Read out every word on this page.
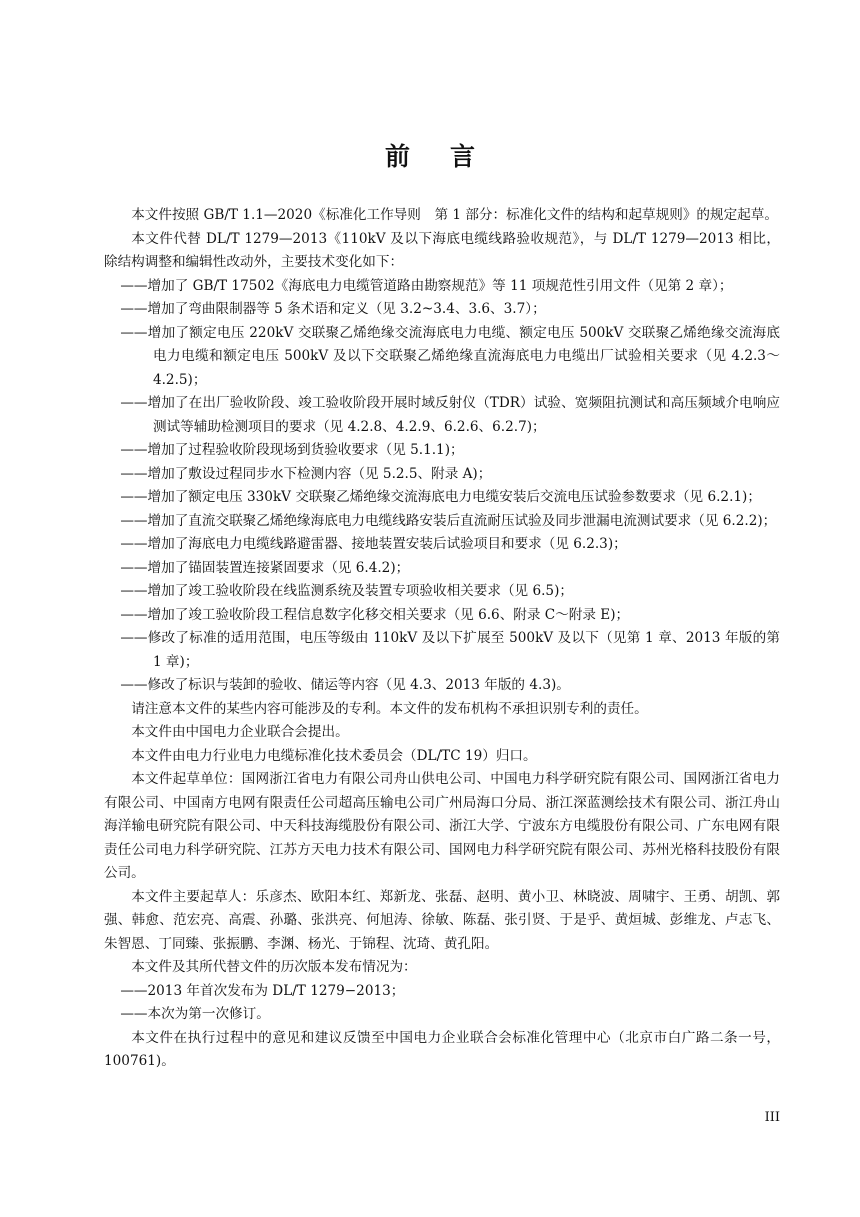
前 言

本文件按照 GB/T 1.1—2020《标准化工作导则　第 1 部分：标准化文件的结构和起草规则》的规定起草。

本文件代替 DL/T 1279—2013《110kV 及以下海底电缆线路验收规范》，与 DL/T 1279—2013 相比，除结构调整和编辑性改动外，主要技术变化如下：

——增加了 GB/T 17502《海底电力电缆管道路由勘察规范》等 11 项规范性引用文件（见第 2 章）；

——增加了弯曲限制器等 5 条术语和定义（见 3.2~3.4、3.6、3.7）；

——增加了额定电压 220kV 交联聚乙烯绝缘交流海底电力电缆、额定电压 500kV 交联聚乙烯绝缘交流海底电力电缆和额定电压 500kV 及以下交联聚乙烯绝缘直流海底电力电缆出厂试验相关要求（见 4.2.3～4.2.5)；

——增加了在出厂验收阶段、竣工验收阶段开展时域反射仪（TDR）试验、宽频阻抗测试和高压频域介电响应测试等辅助检测项目的要求（见 4.2.8、4.2.9、6.2.6、6.2.7)；

——增加了过程验收阶段现场到货验收要求（见 5.1.1)；

——增加了敷设过程同步水下检测内容（见 5.2.5、附录 A)；

——增加了额定电压 330kV 交联聚乙烯绝缘交流海底电力电缆安装后交流电压试验参数要求（见 6.2.1)；

——增加了直流交联聚乙烯绝缘海底电力电缆线路安装后直流耐压试验及同步泄漏电流测试要求（见 6.2.2)；

——增加了海底电力电缆线路避雷器、接地装置安装后试验项目和要求（见 6.2.3)；

——增加了锚固装置连接紧固要求（见 6.4.2)；

——增加了竣工验收阶段在线监测系统及装置专项验收相关要求（见 6.5)；

——增加了竣工验收阶段工程信息数字化移交相关要求（见 6.6、附录 C～附录 E)；

——修改了标准的适用范围，电压等级由 110kV 及以下扩展至 500kV 及以下（见第 1 章、2013 年版的第 1 章)；

——修改了标识与装卸的验收、储运等内容（见 4.3、2013 年版的 4.3)。

请注意本文件的某些内容可能涉及的专利。本文件的发布机构不承担识别专利的责任。

本文件由中国电力企业联合会提出。

本文件由电力行业电力电缆标准化技术委员会（DL/TC 19）归口。

本文件起草单位：国网浙江省电力有限公司舟山供电公司、中国电力科学研究院有限公司、国网浙江省电力有限公司、中国南方电网有限责任公司超高压输电公司广州局海口分局、浙江深蓝测绘技术有限公司、浙江舟山海洋输电研究院有限公司、中天科技海缆股份有限公司、浙江大学、宁波东方电缆股份有限公司、广东电网有限责任公司电力科学研究院、江苏方天电力技术有限公司、国网电力科学研究院有限公司、苏州光格科技股份有限公司。

本文件主要起草人：乐彦杰、欧阳本红、郑新龙、张磊、赵明、黄小卫、林晓波、周啸宇、王勇、胡凯、郭强、韩愈、范宏亮、高震、孙璐、张洪亮、何旭涛、徐敏、陈磊、张引贤、于是乎、黄烜城、彭维龙、卢志飞、朱智恩、丁同臻、张振鹏、李渊、杨光、于锦程、沈琦、黄孔阳。

本文件及其所代替文件的历次版本发布情况为：

——2013 年首次发布为 DL/T 1279−2013；

——本次为第一次修订。

本文件在执行过程中的意见和建议反馈至中国电力企业联合会标准化管理中心（北京市白广路二条一号，100761)。

III
